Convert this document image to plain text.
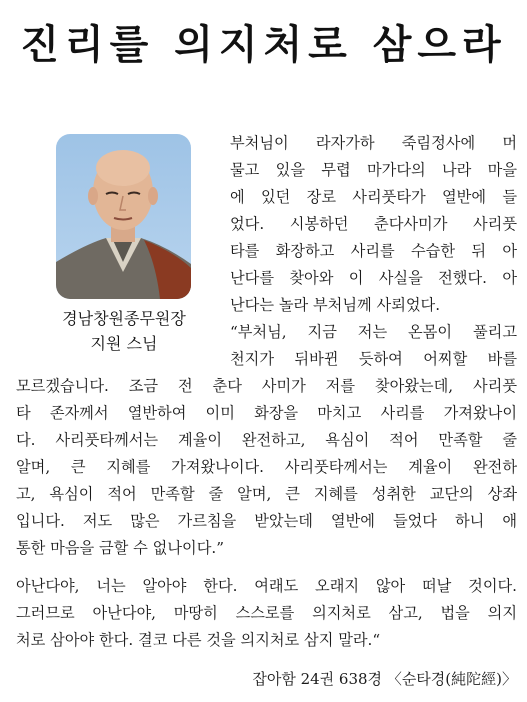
진리를 의지처로 삼으라
경남창원종무원장
지원 스님
부처님이 라자가하 죽림정사에 머
물고 있을 무렵 마가다의 나라 마을
에 있던 장로 사리풋타가 열반에 들
었다. 시봉하던 춘다사미가 사리풋
타를 화장하고 사리를 수습한 뒤 아
난다를 찾아와 이 사실을 전했다. 아
난다는 놀라 부처님께 사뢰었다.
“부처님, 지금 저는 온몸이 풀리고
천지가 뒤바뀐 듯하여 어찌할 바를
모르겠습니다. 조금 전 춘다 사미가 저를 찾아왔는데, 사리풋
타 존자께서 열반하여 이미 화장을 마치고 사리를 가져왔나이
다. 사리풋타께서는 계율이 완전하고, 욕심이 적어 만족할 줄
알며, 큰 지혜를 가져왔나이다. 사리풋타께서는 계율이 완전하
고, 욕심이 적어 만족할 줄 알며, 큰 지혜를 성취한 교단의 상좌
입니다. 저도 많은 가르침을 받았는데 열반에 들었다 하니 애
통한 마음을 금할 수 없나이다.”
아난다야, 너는 알아야 한다. 여래도 오래지 않아 떠날 것이다.
그러므로 아난다야, 마땅히 스스로를 의지처로 삼고, 법을 의지
처로 삼아야 한다. 결코 다른 것을 의지처로 삼지 말라.“
잡아함 24권 638경 〈순타경(純陀經)〉
